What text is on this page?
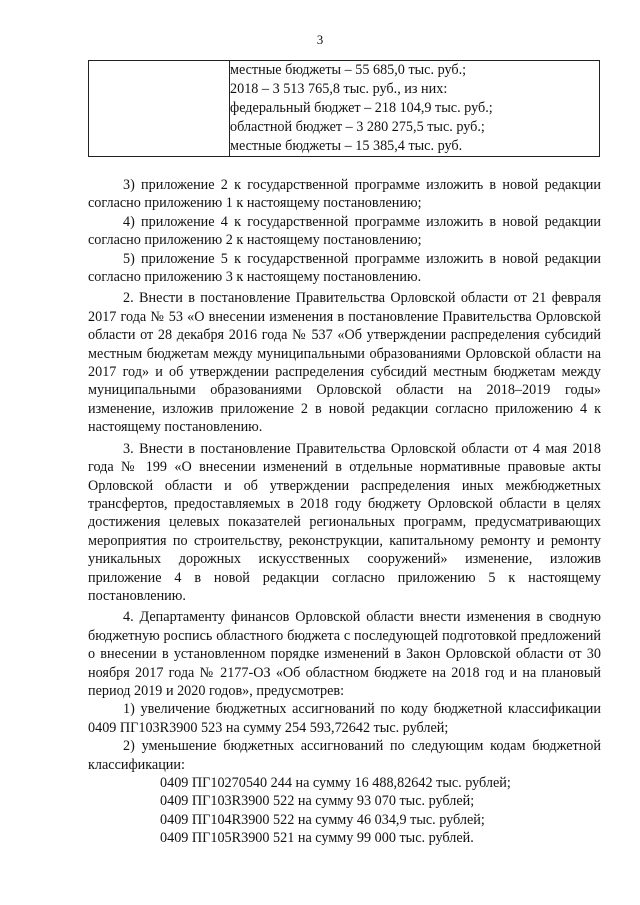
3

местные бюджеты – 55 685,0 тыс. руб.;
2018 – 3 513 765,8 тыс. руб., из них:
федеральный бюджет – 218 104,9 тыс. руб.;
областной бюджет – 3 280 275,5 тыс. руб.;
местные бюджеты – 15 385,4 тыс. руб.

3) приложение 2 к государственной программе изложить в новой редакции согласно приложению 1 к настоящему постановлению;

4) приложение 4 к государственной программе изложить в новой редакции согласно приложению 2 к настоящему постановлению;

5) приложение 5 к государственной программе изложить в новой редакции согласно приложению 3 к настоящему постановлению.

2. Внести в постановление Правительства Орловской области от 21 февраля 2017 года № 53 «О внесении изменения в постановление Правительства Орловской области от 28 декабря 2016 года № 537 «Об утверждении распределения субсидий местным бюджетам между муниципальными образованиями Орловской области на 2017 год» и об утверждении распределения субсидий местным бюджетам между муниципальными образованиями Орловской области на 2018–2019 годы» изменение, изложив приложение 2 в новой редакции согласно приложению 4 к настоящему постановлению.

3. Внести в постановление Правительства Орловской области от 4 мая 2018 года № 199 «О внесении изменений в отдельные нормативные правовые акты Орловской области и об утверждении распределения иных межбюджетных трансфертов, предоставляемых в 2018 году бюджету Орловской области в целях достижения целевых показателей региональных программ, предусматривающих мероприятия по строительству, реконструкции, капитальному ремонту и ремонту уникальных дорожных искусственных сооружений» изменение, изложив приложение 4 в новой редакции согласно приложению 5 к настоящему постановлению.

4. Департаменту финансов Орловской области внести изменения в сводную бюджетную роспись областного бюджета с последующей подготовкой предложений о внесении в установленном порядке изменений в Закон Орловской области от 30 ноября 2017 года № 2177-ОЗ «Об областном бюджете на 2018 год и на плановый период 2019 и 2020 годов», предусмотрев:

1) увеличение бюджетных ассигнований по коду бюджетной классификации 0409 ПГ103R3900 523 на сумму 254 593,72642 тыс. рублей;

2) уменьшение бюджетных ассигнований по следующим кодам бюджетной классификации:

0409 ПГ10270540 244 на сумму 16 488,82642 тыс. рублей;
0409 ПГ103R3900 522 на сумму 93 070 тыс. рублей;
0409 ПГ104R3900 522 на сумму 46 034,9 тыс. рублей;
0409 ПГ105R3900 521 на сумму 99 000 тыс. рублей.
